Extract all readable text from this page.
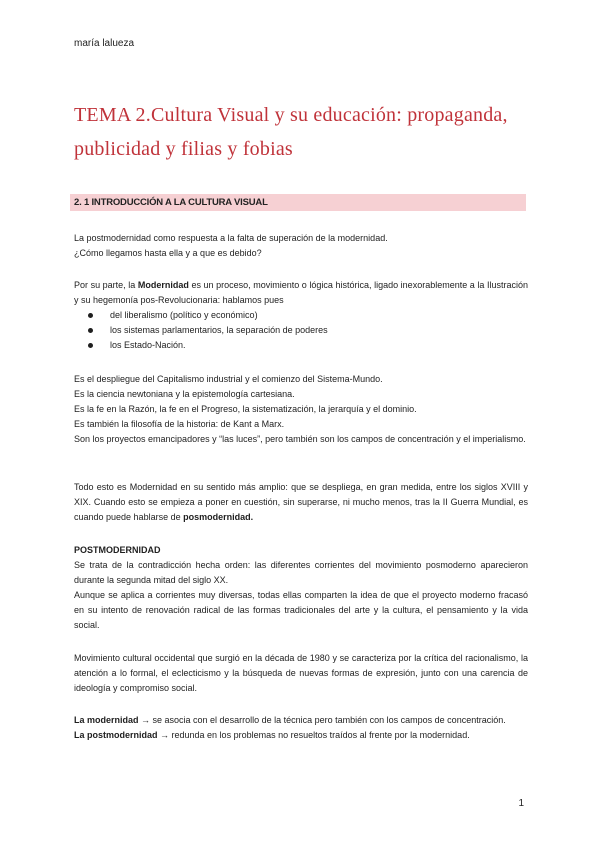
maría lalueza
TEMA 2.Cultura Visual y su educación: propaganda, publicidad y filias y fobias
2. 1 INTRODUCCIÓN A LA CULTURA VISUAL
La postmodernidad como respuesta a la falta de superación de la modernidad.
¿Cómo llegamos hasta ella y a que es debido?
Por su parte, la Modernidad es un proceso, movimiento o lógica histórica, ligado inexorablemente a la Ilustración y su hegemonía pos-Revolucionaria: hablamos pues
del liberalismo (político y económico)
los sistemas parlamentarios, la separación de poderes
los Estado-Nación.
Es el despliegue del Capitalismo industrial y el comienzo del Sistema-Mundo.
Es la ciencia newtoniana y la epistemología cartesiana.
Es la fe en la Razón, la fe en el Progreso, la sistematización, la jerarquía y el dominio.
Es también la filosofía de la historia: de Kant a Marx.
Son los proyectos emancipadores y “las luces”, pero también son los campos de concentración y el imperialismo.
Todo esto es Modernidad en su sentido más amplio: que se despliega, en gran medida, entre los siglos XVIII y XIX. Cuando esto se empieza a poner en cuestión, sin superarse, ni mucho menos, tras la II Guerra Mundial, es cuando puede hablarse de posmodernidad.
POSTMODERNIDAD
Se trata de la contradicción hecha orden: las diferentes corrientes del movimiento posmoderno aparecieron durante la segunda mitad del siglo XX.
Aunque se aplica a corrientes muy diversas, todas ellas comparten la idea de que el proyecto moderno fracasó en su intento de renovación radical de las formas tradicionales del arte y la cultura, el pensamiento y la vida social.
Movimiento cultural occidental que surgió en la década de 1980 y se caracteriza por la crítica del racionalismo, la atención a lo formal, el eclecticismo y la búsqueda de nuevas formas de expresión, junto con una carencia de ideología y compromiso social.
La modernidad → se asocia con el desarrollo de la técnica pero también con los campos de concentración.
La postmodernidad → redunda en los problemas no resueltos traídos al frente por la modernidad.
1
